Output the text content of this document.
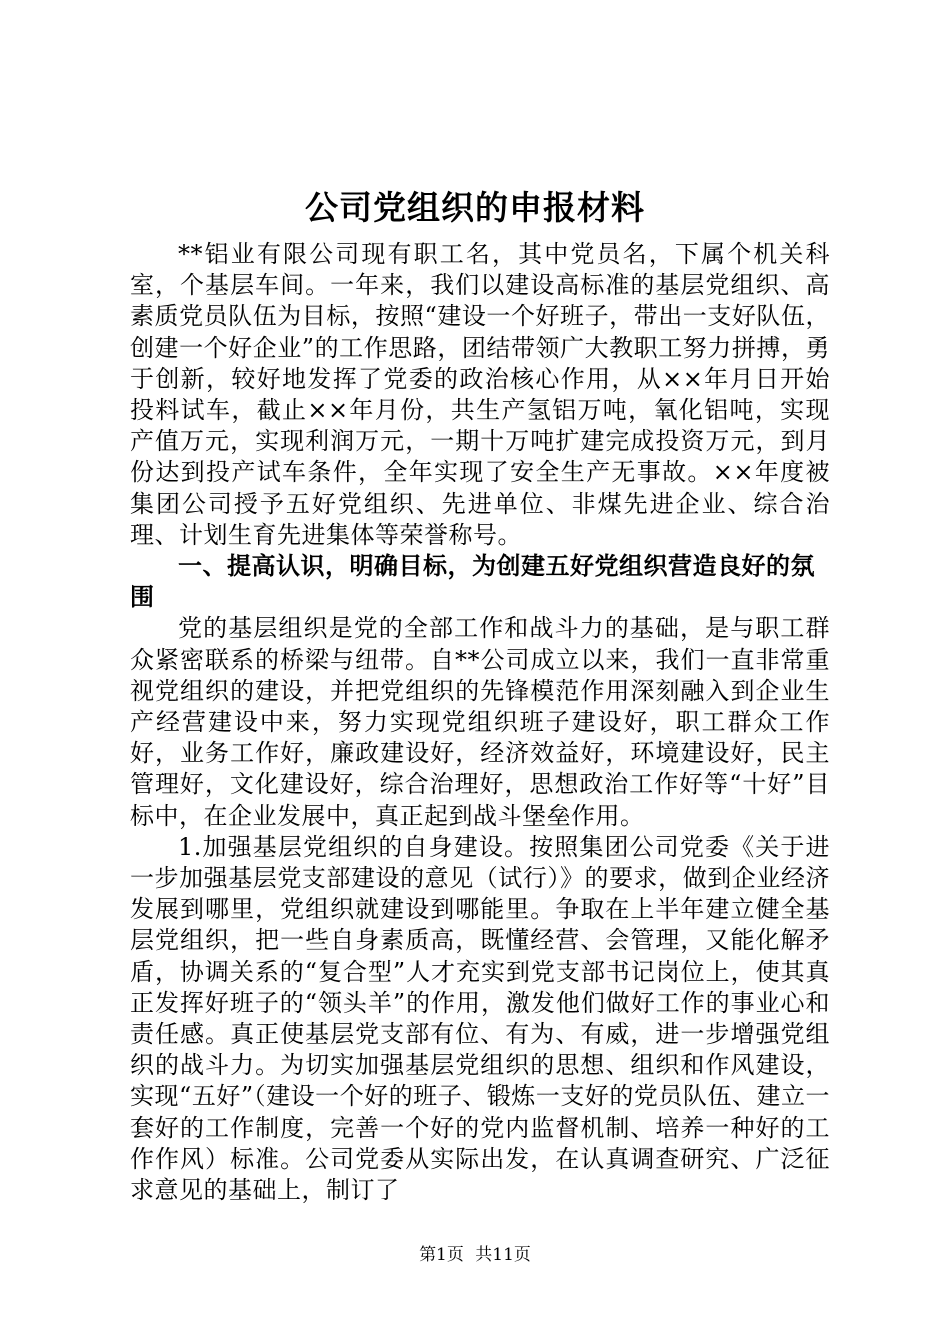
公司党组织的申报材料

**铝业有限公司现有职工名，其中党员名，下属个机关科室，个基层车间。一年来，我们以建设高标准的基层党组织、高素质党员队伍为目标，按照“建设一个好班子，带出一支好队伍，创建一个好企业”的工作思路，团结带领广大教职工努力拼搏，勇于创新，较好地发挥了党委的政治核心作用，从××年月日开始投料试车，截止××年月份，共生产氢铝万吨，氧化铝吨，实现产值万元，实现利润万元，一期十万吨扩建完成投资万元，到月份达到投产试车条件，全年实现了安全生产无事故。××年度被集团公司授予五好党组织、先进单位、非煤先进企业、综合治理、计划生育先进集体等荣誉称号。

一、提高认识，明确目标，为创建五好党组织营造良好的氛围

党的基层组织是党的全部工作和战斗力的基础，是与职工群众紧密联系的桥梁与纽带。自**公司成立以来，我们一直非常重视党组织的建设，并把党组织的先锋模范作用深刻融入到企业生产经营建设中来，努力实现党组织班子建设好，职工群众工作好，业务工作好，廉政建设好，经济效益好，环境建设好，民主管理好，文化建设好，综合治理好，思想政治工作好等“十好”目标中，在企业发展中，真正起到战斗堡垒作用。

1.加强基层党组织的自身建设。按照集团公司党委《关于进一步加强基层党支部建设的意见（试行）》的要求，做到企业经济发展到哪里，党组织就建设到哪能里。争取在上半年建立健全基层党组织，把一些自身素质高，既懂经营、会管理，又能化解矛盾，协调关系的“复合型”人才充实到党支部书记岗位上，使其真正发挥好班子的“领头羊”的作用，激发他们做好工作的事业心和责任感。真正使基层党支部有位、有为、有威，进一步增强党组织的战斗力。为切实加强基层党组织的思想、组织和作风建设，实现“五好”（建设一个好的班子、锻炼一支好的党员队伍、建立一套好的工作制度，完善一个好的党内监督机制、培养一种好的工作作风）标准。公司党委从实际出发，在认真调查研究、广泛征求意见的基础上，制订了

第1页 共11页
